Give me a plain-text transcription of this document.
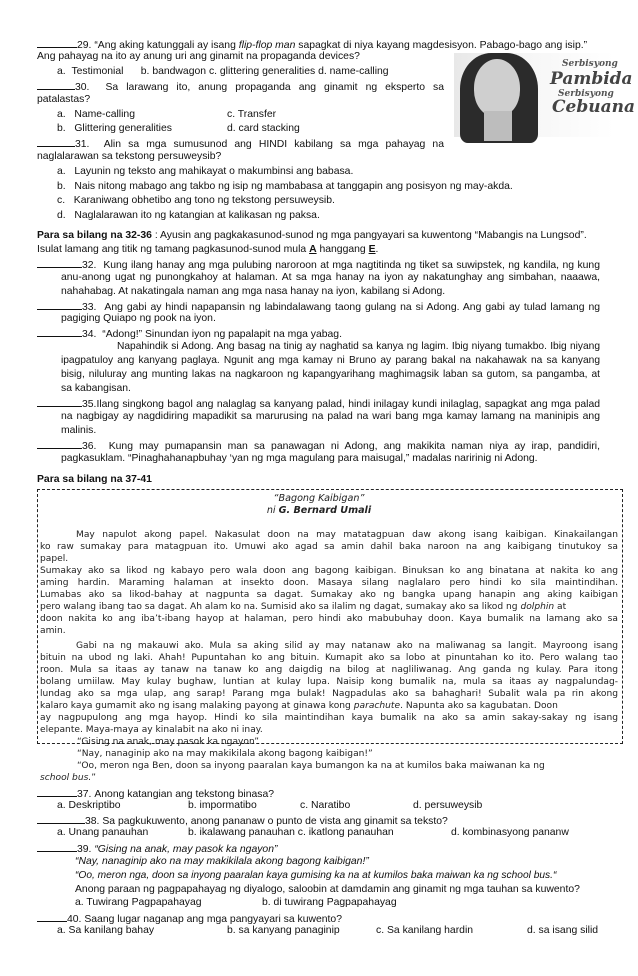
29. “Ang aking katunggali ay isang flip-flop man sapagkat di niya kayang magdesisyon. Pabago-bago ang isip.”
Ang pahayag na ito ay anung uri ang ginamit na propaganda devices?
a. Testimonial b. bandwagon c. glittering generalities d. name-calling
30. Sa larawang ito, anung propaganda ang ginamit ng eksperto sa
patalastas?
a. Name-calling	c. Transfer
b. Glittering generalities	d. card stacking
Serbisyong
Pambida
Serbisyong
Cebuana
31. Alin sa mga sumusunod ang HINDI kabilang sa mga pahayag na
naglalarawan sa tekstong persuweysib?
a. Layunin ng teksto ang mahikayat o makumbinsi ang babasa.
b. Nais nitong mabago ang takbo ng isip ng mambabasa at tanggapin ang posisyon ng may-akda.
c. Karaniwang obhetibo ang tono ng tekstong persuweysib.
d. Naglalarawan ito ng katangian at kalikasan ng paksa.
Para sa bilang na 32-36 : Ayusin ang pagkakasunod-sunod ng mga pangyayari sa kuwentong “Mabangis na Lungsod”.
Isulat lamang ang titik ng tamang pagkasunod-sunod mula A hanggang E.
32. Kung ilang hanay ang mga pulubing naroroon at mga nagtitinda ng tiket sa suwipstek, ng kandila, ng kung
anu-anong ugat ng punongkahoy at halaman. At sa mga hanay na iyon ay nakatunghay ang simbahan, naaawa,
nahahabag. At nakatingala naman ang mga nasa hanay na iyon, kabilang si Adong.
33. Ang gabi ay hindi napapansin ng labindalawang taong gulang na si Adong. Ang gabi ay tulad lamang ng
pagiging Quiapo ng pook na iyon.
34. “Adong!” Sinundan iyon ng papalapit na mga yabag.
Napahindik si Adong. Ang basag na tinig ay naghatid sa kanya ng lagim. Ibig niyang tumakbo. Ibig niyang
ipagpatuloy ang kanyang paglaya. Ngunit ang mga kamay ni Bruno ay parang bakal na nakahawak na sa kanyang
bisig, niluluray ang munting lakas na nagkaroon ng kapangyarihang maghimagsik laban sa gutom, sa pangamba, at
sa kabangisan.
35.Ilang singkong bagol ang nalaglag sa kanyang palad, hindi inilagay kundi inilaglag, sapagkat ang mga palad
na nagbigay ay nagdidiring mapadikit sa marurusing na palad na wari bang mga kamay lamang na maninipis ang
malinis.
36. Kung may pumapansin man sa panawagan ni Adong, ang makikita naman niya ay irap, pandidiri,
pagkasuklam. “Pinaghahanapbuhay ‘yan ng mga magulang para maisugal,” madalas naririnig ni Adong.
Para sa bilang na 37-41
“Bagong Kaibigan”
ni G. Bernard Umali
May napulot akong papel. Nakasulat doon na may matatagpuan daw akong isang kaibigan. Kinakailangan
ko raw sumakay para matagpuan ito. Umuwi ako agad sa amin dahil baka naroon na ang kaibigang tinutukoy sa
papel.
Sumakay ako sa likod ng kabayo pero wala doon ang bagong kaibigan. Binuksan ko ang binatana at nakita ko ang
aming hardin. Maraming halaman at insekto doon. Masaya silang naglalaro pero hindi ko sila maintindihan.
Lumabas ako sa likod-bahay at nagpunta sa dagat. Sumakay ako ng bangka upang hanapin ang aking kaibigan
pero walang ibang tao sa dagat. Ah alam ko na. Sumisid ako sa ilalim ng dagat, sumakay ako sa likod ng dolphin at
doon nakita ko ang iba’t-ibang hayop at halaman, pero hindi ako mabubuhay doon. Kaya bumalik na lamang ako sa
amin.
Gabi na ng makauwi ako. Mula sa aking silid ay may natanaw ako na maliwanag sa langit. Mayroong isang
bituin na ubod ng laki. Ahah! Pupuntahan ko ang bituin. Kumapit ako sa lobo at pinuntahan ko ito. Pero walang tao
roon. Mula sa itaas ay tanaw na tanaw ko ang daigdig na bilog at nagliliwanag. Ang ganda ng kulay. Para itong
bolang umiilaw. May kulay bughaw, luntian at kulay lupa. Naisip kong bumalik na, mula sa itaas ay nagpalundag-
lundag ako sa mga ulap, ang sarap! Parang mga bulak! Nagpadulas ako sa bahaghari! Subalit wala pa rin akong
kalaro kaya gumamit ako ng isang malaking payong at ginawa kong parachute. Napunta ako sa kagubatan. Doon
ay nagpupulong ang mga hayop. Hindi ko sila maintindihan kaya bumalik na ako sa amin sakay-sakay ng isang
elepante. Maya-maya ay kinalabit na ako ni inay.
“Gising na anak, may pasok ka ngayon”
“Nay, nanaginip ako na may makikilala akong bagong kaibigan!”
“Oo, meron nga Ben, doon sa inyong paaralan kaya bumangon ka na at kumilos baka maiwanan ka ng
school bus.”
37. Anong katangian ang tekstong binasa?
a. Deskriptibo	b. impormatibo	c. Naratibo	d. persuweysib
38. Sa pagkukuwento, anong pananaw o punto de vista ang ginamit sa teksto?
a. Unang panauhan	b. ikalawang panauhan c. ikatlong panauhan	d. kombinasyong pananw
39. “Gising na anak, may pasok ka ngayon”
“Nay, nanaginip ako na may makikilala akong bagong kaibigan!”
“Oo, meron nga, doon sa inyong paaralan kaya gumising ka na at kumilos baka maiwan ka ng school bus.“
Anong paraan ng pagpapahayag ng diyalogo, saloobin at damdamin ang ginamit ng mga tauhan sa kuwento?
a. Tuwirang Pagpapahayag	b. di tuwirang Pagpapahayag
40. Saang lugar naganap ang mga pangyayari sa kuwento?
a. Sa kanilang bahay	b. sa kanyang panaginip	c. Sa kanilang hardin	d. sa isang silid
